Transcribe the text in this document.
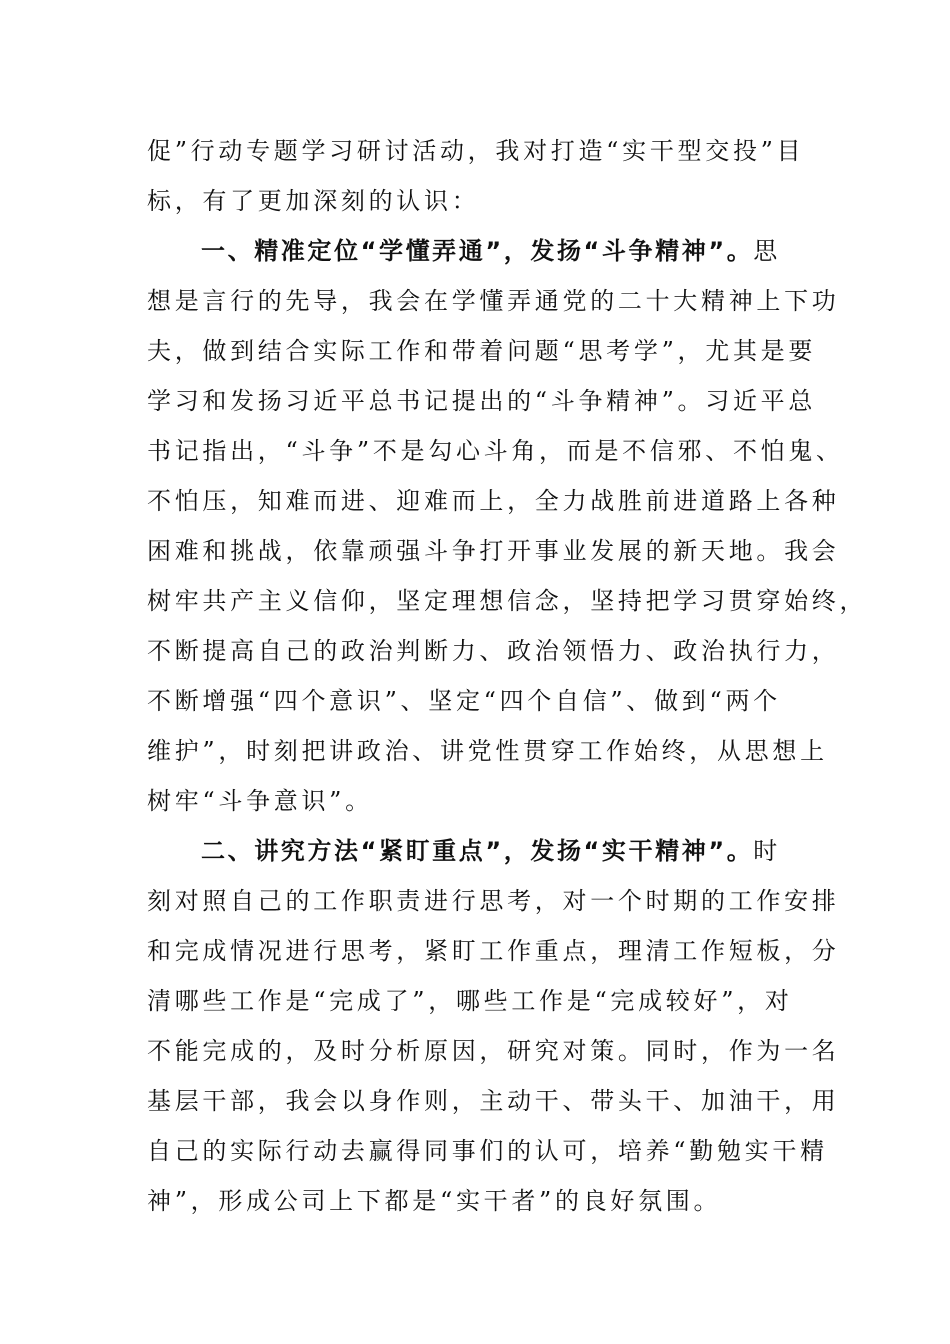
促”行动专题学习研讨活动，我对打造“实干型交投”目
标，有了更加深刻的认识：
一、精准定位“学懂弄通”，发扬“斗争精神”。思
想是言行的先导，我会在学懂弄通党的二十大精神上下功
夫，做到结合实际工作和带着问题“思考学”，尤其是要
学习和发扬习近平总书记提出的“斗争精神”。习近平总
书记指出，“斗争”不是勾心斗角，而是不信邪、不怕鬼、
不怕压，知难而进、迎难而上，全力战胜前进道路上各种
困难和挑战，依靠顽强斗争打开事业发展的新天地。我会
树牢共产主义信仰，坚定理想信念，坚持把学习贯穿始终，
不断提高自己的政治判断力、政治领悟力、政治执行力，
不断增强“四个意识”、坚定“四个自信”、做到“两个
维护”，时刻把讲政治、讲党性贯穿工作始终，从思想上
树牢“斗争意识”。
二、讲究方法“紧盯重点”，发扬“实干精神”。时
刻对照自己的工作职责进行思考，对一个时期的工作安排
和完成情况进行思考，紧盯工作重点，理清工作短板，分
清哪些工作是“完成了”，哪些工作是“完成较好”，对
不能完成的，及时分析原因，研究对策。同时，作为一名
基层干部，我会以身作则，主动干、带头干、加油干，用
自己的实际行动去赢得同事们的认可，培养“勤勉实干精
神”，形成公司上下都是“实干者”的良好氛围。
